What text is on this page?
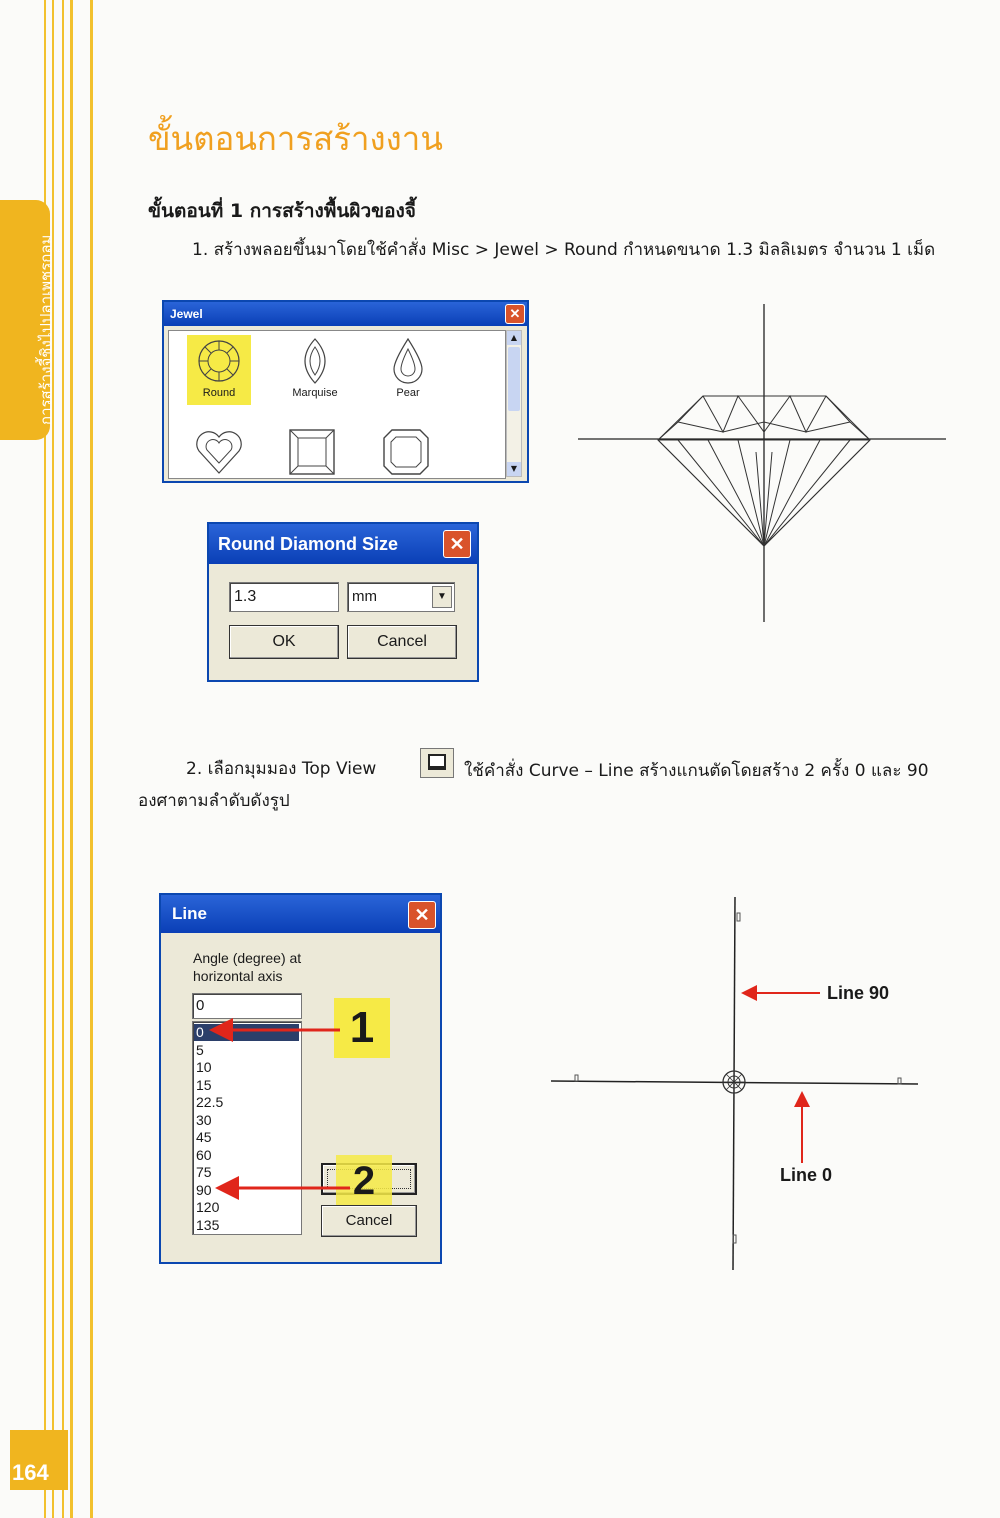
การสร้างจี้ชิงไปปลาเพชรกลม
164
ขั้นตอนการสร้างงาน
ขั้นตอนที่ 1 การสร้างพื้นผิวของจี้
1. สร้างพลอยขึ้นมาโดยใช้คำสั่ง Misc > Jewel > Round กำหนดขนาด 1.3 มิลลิเมตร จำนวน 1 เม็ด
Jewel	✕
Round	Marquise	Pear
▲
▼
Round Diamond Size	✕
1.3	mm	▼
OK	Cancel
2. เลือกมุมมอง Top View	ใช้คำสั่ง Curve – Line สร้างแกนตัดโดยสร้าง 2 ครั้ง 0 และ 90
องศาตามลำดับดังรูป
Line	✕
Angle (degree) at
horizontal axis
0
0
5
10
15
22.5
30
45
60
75
90
120
135
1
2
Cancel
Line 90
Line 0
